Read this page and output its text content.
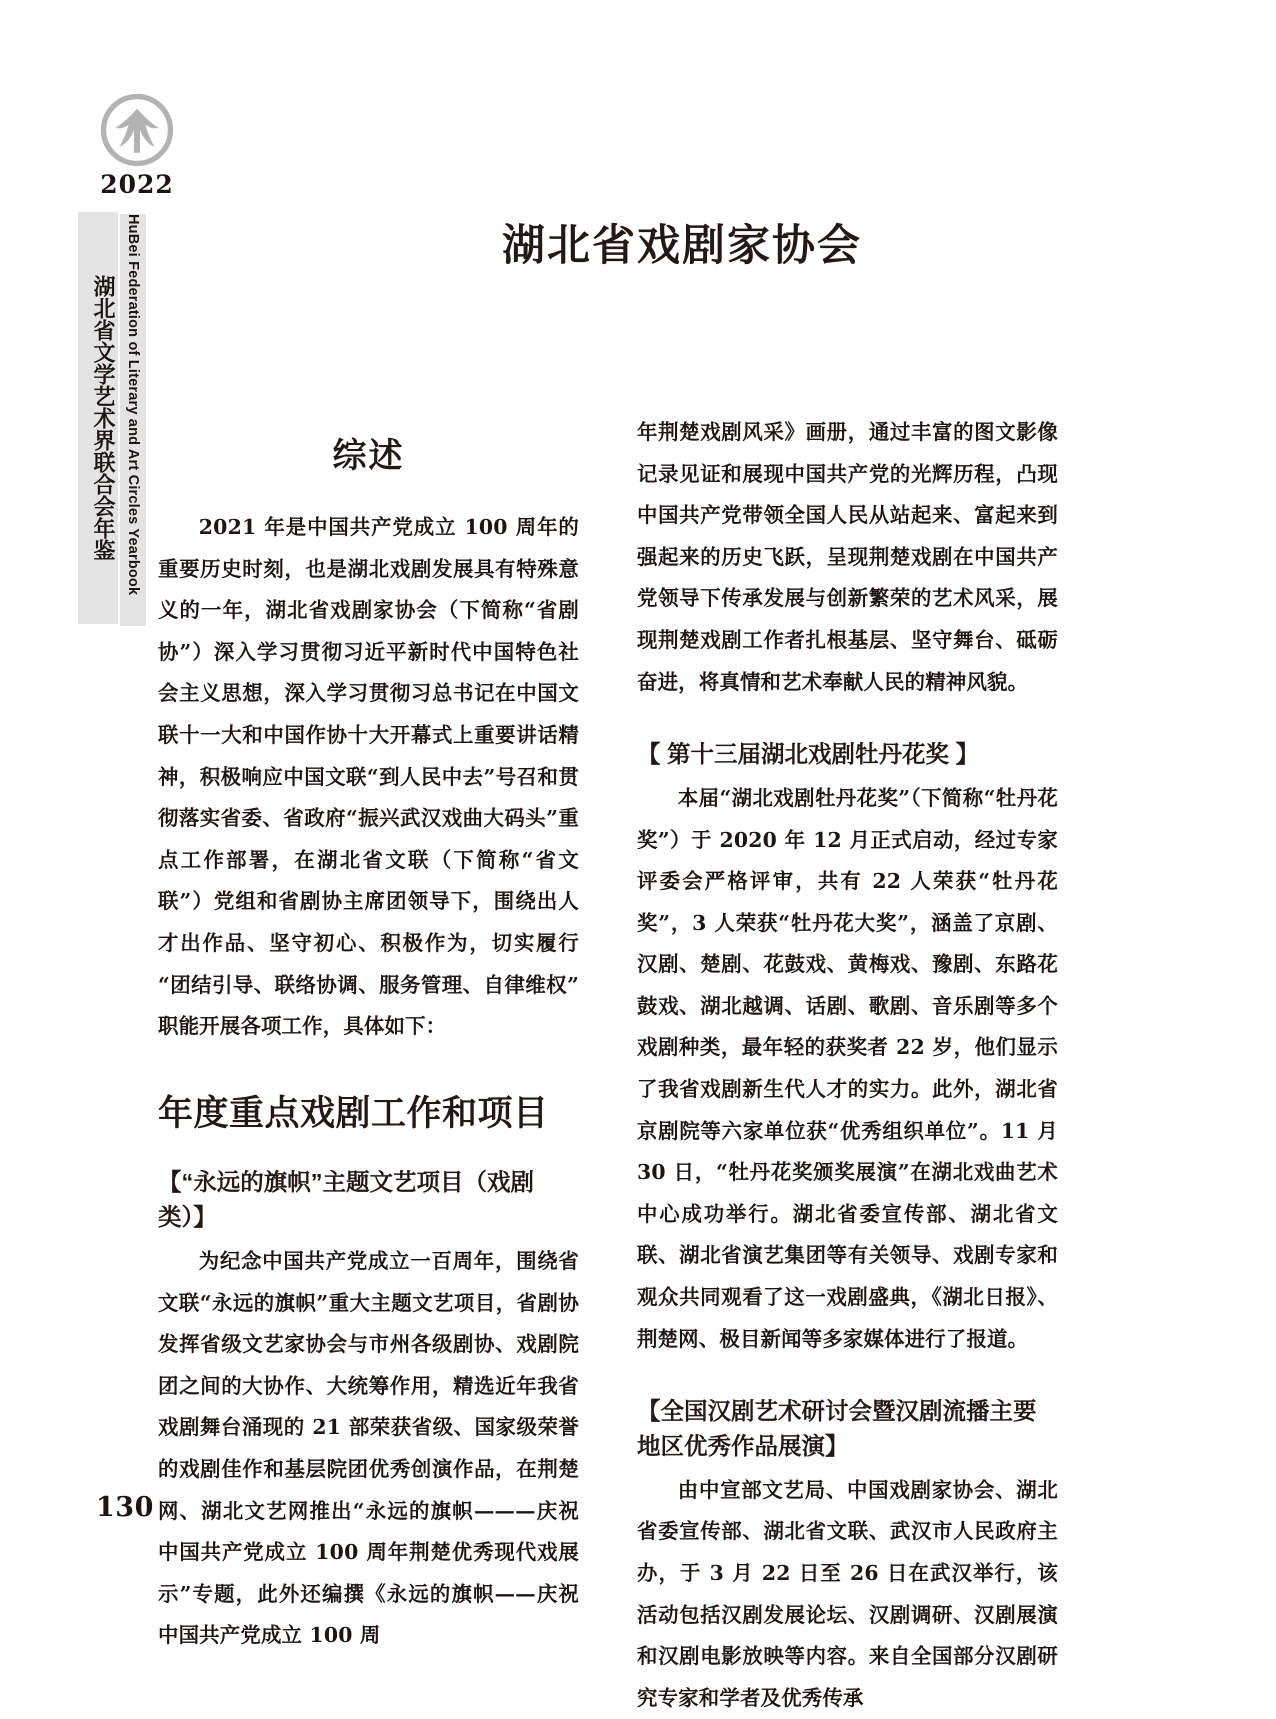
2022
湖北省文学艺术界联合会年鉴 HuBei Federation of Literary and Art Circles Yearbook	湖北省戏剧家协会
综述

2021 年是中国共产党成立 100 周年的重要历史时刻，也是湖北戏剧发展具有特殊意义的一年，湖北省戏剧家协会（下简称“省剧协”）深入学习贯彻习近平新时代中国特色社会主义思想，深入学习贯彻习总书记在中国文联十一大和中国作协十大开幕式上重要讲话精神，积极响应中国文联“到人民中去”号召和贯彻落实省委、省政府“振兴武汉戏曲大码头”重点工作部署，在湖北省文联（下简称“省文联”）党组和省剧协主席团领导下，围绕出人才出作品、坚守初心、积极作为，切实履行“团结引导、联络协调、服务管理、自律维权”职能开展各项工作，具体如下：

年度重点戏剧工作和项目
【“永远的旗帜”主题文艺项目（戏剧类）】

为纪念中国共产党成立一百周年，围绕省文联“永远的旗帜”重大主题文艺项目，省剧协发挥省级文艺家协会与市州各级剧协、戏剧院团之间的大协作、大统筹作用，精选近年我省戏剧舞台涌现的 21 部荣获省级、国家级荣誉的戏剧佳作和基层院团优秀创演作品，在荆楚网、湖北文艺网推出“永远的旗帜———庆祝中国共产党成立 100 周年荆楚优秀现代戏展示”专题，此外还编撰《永远的旗帜——庆祝中国共产党成立 100 周

年荆楚戏剧风采》画册，通过丰富的图文影像记录见证和展现中国共产党的光辉历程，凸现中国共产党带领全国人民从站起来、富起来到强起来的历史飞跃，呈现荆楚戏剧在中国共产党领导下传承发展与创新繁荣的艺术风采，展现荆楚戏剧工作者扎根基层、坚守舞台、砥砺奋进，将真情和艺术奉献人民的精神风貌。

【 第十三届湖北戏剧牡丹花奖 】

本届“湖北戏剧牡丹花奖”（下简称“牡丹花奖”）于 2020 年 12 月正式启动，经过专家评委会严格评审，共有 22 人荣获“牡丹花奖”，3 人荣获“牡丹花大奖”，涵盖了京剧、汉剧、楚剧、花鼓戏、黄梅戏、豫剧、东路花鼓戏、湖北越调、话剧、歌剧、音乐剧等多个戏剧种类，最年轻的获奖者 22 岁，他们显示了我省戏剧新生代人才的实力。此外，湖北省京剧院等六家单位获“优秀组织单位”。11 月 30 日，“牡丹花奖颁奖展演”在湖北戏曲艺术中心成功举行。湖北省委宣传部、湖北省文联、湖北省演艺集团等有关领导、戏剧专家和观众共同观看了这一戏剧盛典，《湖北日报》、荆楚网、极目新闻等多家媒体进行了报道。

【全国汉剧艺术研讨会暨汉剧流播主要地区优秀作品展演】

由中宣部文艺局、中国戏剧家协会、湖北省委宣传部、湖北省文联、武汉市人民政府主办，于 3 月 22 日至 26 日在武汉举行，该活动包括汉剧发展论坛、汉剧调研、汉剧展演和汉剧电影放映等内容。来自全国部分汉剧研究专家和学者及优秀传承

130
